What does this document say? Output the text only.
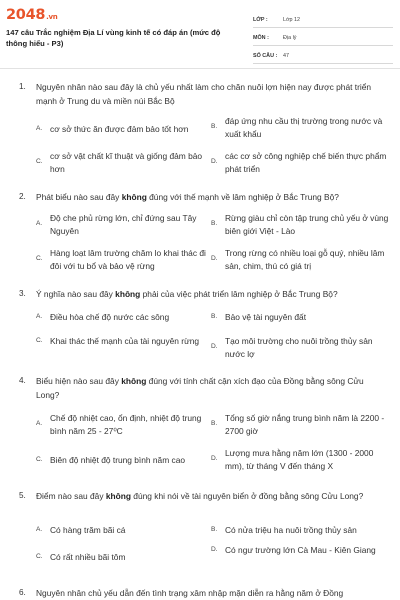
2048.vn
147 câu Trắc nghiệm Địa Lí vùng kinh tế có đáp án (mức độ thông hiểu - P3)
LỚP :	Lớp 12
MÔN :	Địa lý
SỐ CÂU :	47
1. Nguyên nhân nào sau đây là chủ yếu nhất làm cho chăn nuôi lợn hiện nay được phát triển mạnh ở Trung du và miền núi Bắc Bộ
A. cơ sở thức ăn được đảm bảo tốt hơn	B.
đáp ứng nhu cầu thị trường trong nước và xuất khẩu
C.
cơ sở vật chất kĩ thuật và giống đảm bảo hơn
D.
các cơ sở công nghiệp chế biến thực phẩm phát triển
2. Phát biểu nào sau đây không đúng với thế mạnh về lâm nghiệp ở Bắc Trung Bộ?
A.
Độ che phủ rừng lớn, chỉ đứng sau Tây Nguyên
B.
Rừng giàu chỉ còn tập trung chủ yếu ở vùng biên giới Việt - Lào
C.
Hàng loạt lâm trường chăm lo khai thác đi đôi với tu bổ và bảo vệ rừng
D.
Trong rừng có nhiều loại gỗ quý, nhiều lâm sản, chim, thú có giá trị
3. Ý nghĩa nào sau đây không phải của việc phát triển lâm nghiệp ở Bắc Trung Bộ?
A. Điều hòa chế độ nước các sông	B. Bảo vệ tài nguyên đất
C. Khai thác thế mạnh của tài nguyên rừng
D.
Tạo môi trường cho nuôi trồng thủy sản nước lợ
4. Biểu hiện nào sau đây không đúng với tính chất cận xích đạo của Đồng bằng sông Cửu Long?
A.
Chế độ nhiệt cao, ổn định, nhiệt độ trung bình năm 25 - 27⁰C
B.
Tổng số giờ nắng trung bình năm là 2200 - 2700 giờ
C. Biên độ nhiệt độ trung bình năm cao	D.
Lượng mưa hằng năm lớn (1300 - 2000 mm), từ tháng V đến tháng X
5. Điểm nào sau đây không đúng khi nói về tài nguyên biển ở đồng bằng sông Cửu Long?
A. Có hàng trăm bãi cá	B. Có nửa triệu ha nuôi trồng thủy sản
C. Có rất nhiều bãi tôm
D. Có ngư trường lớn Cà Mau - Kiên Giang
6. Nguyên nhân chủ yếu dẫn đến tình trạng xâm nhập mặn diễn ra hằng năm ở Đồng
